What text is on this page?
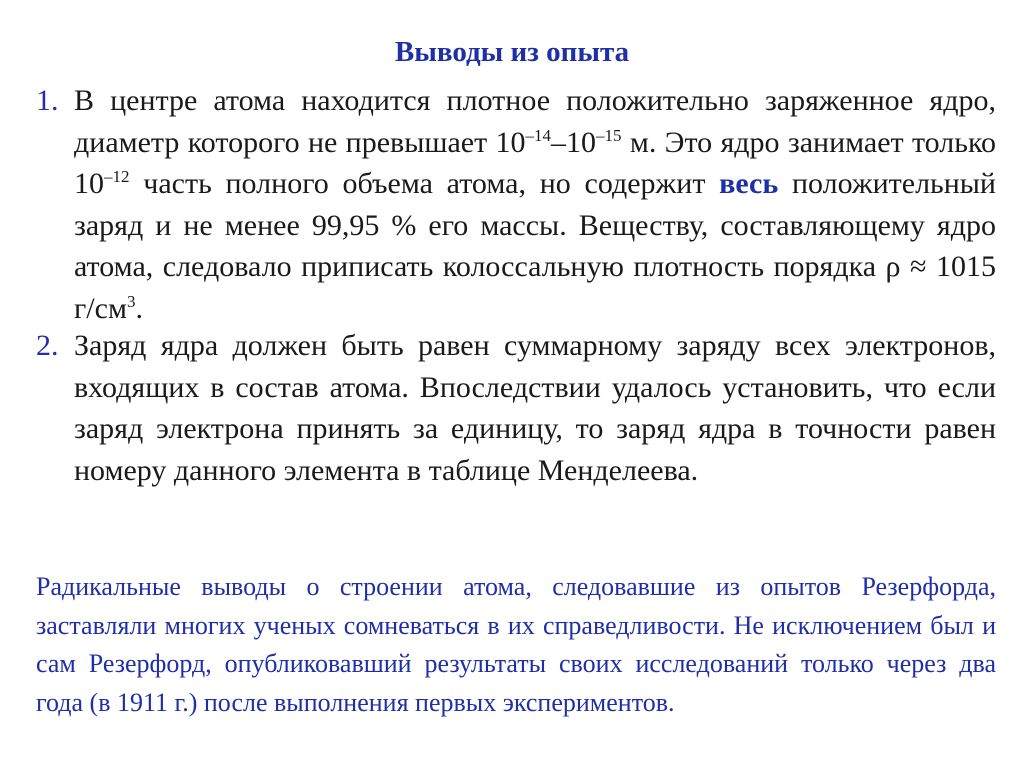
Выводы из опыта
1. В центре атома находится плотное положительно заряженное ядро, диаметр которого не превышает $10^{-14}-10^{-15}$ м. Это ядро занимает только $10^{-12}$ часть полного объема атома, но содержит весь положительный заряд и не менее 99,95 % его массы. Веществу, составляющему ядро атома, следовало приписать колоссальную плотность порядка ρ ≈ 1015 $г/см^3$.
2. Заряд ядра должен быть равен суммарному заряду всех электронов, входящих в состав атома. Впоследствии удалось установить, что если заряд электрона принять за единицу, то заряд ядра в точности равен номеру данного элемента в таблице Менделеева.
Радикальные выводы о строении атома, следовавшие из опытов Резерфорда, заставляли многих ученых сомневаться в их справедливости. Не исключением был и сам Резерфорд, опубликовавший результаты своих исследований только через два года (в 1911 г.) после выполнения первых экспериментов.
